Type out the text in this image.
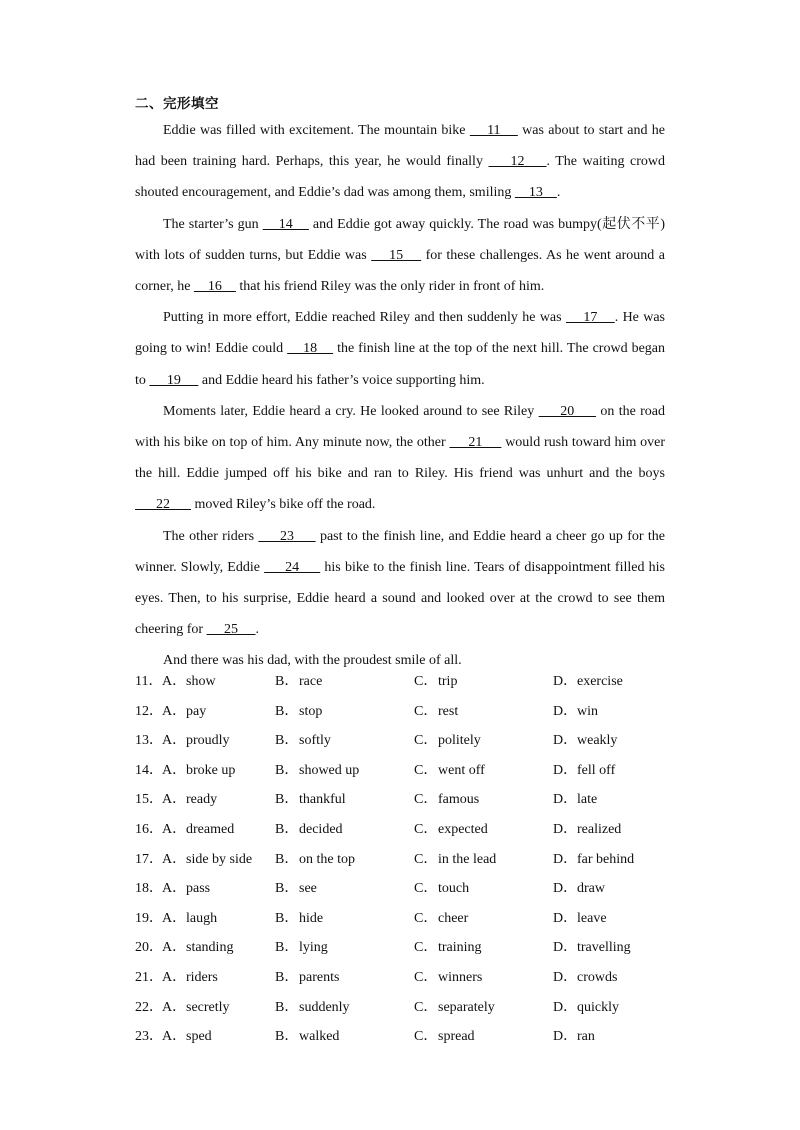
二、完形填空

Eddie was filled with excitement. The mountain bike     11     was about to start and he had been training hard. Perhaps, this year, he would finally     12    . The waiting crowd shouted encouragement, and Eddie’s dad was among them, smiling     13    .

The starter’s gun     14     and Eddie got away quickly. The road was bumpy(起伏不平) with lots of sudden turns, but Eddie was     15     for these challenges. As he went around a corner, he     16     that his friend Riley was the only rider in front of him.

Putting in more effort, Eddie reached Riley and then suddenly he was     17    . He was going to win! Eddie could     18     the finish line at the top of the next hill. The crowd began to      19      and Eddie heard his father’s voice supporting him.

Moments later, Eddie heard a cry. He looked around to see Riley      20      on the road with his bike on top of him. Any minute now, the other      21      would rush toward him over the hill. Eddie jumped off his bike and ran to Riley. His friend was unhurt and the boys       22       moved Riley’s bike off the road.

The other riders      23      past to the finish line, and Eddie heard a cheer go up for the winner. Slowly, Eddie      24      his bike to the finish line. Tears of disappointment filled his eyes. Then, to his surprise, Eddie heard a sound and looked over at the crowd to see them cheering for      25     .

And there was his dad, with the proudest smile of all.

11． A．show	B．race	C．trip	D．exercise
12． A．pay	B．stop	C．rest	D．win
13． A．proudly	B．softly	C．politely	D．weakly
14． A．broke up	B．showed up	C．went off	D．fell off
15． A．ready	B．thankful	C．famous	D．late
16． A．dreamed	B．decided	C．expected	D．realized
17． A．side by side B．on the top	C．in the lead	D．far behind
18． A．pass	B．see	C．touch	D．draw
19． A．laugh	B．hide	C．cheer	D．leave
20． A．standing	B．lying	C．training	D．travelling
21． A．riders	B．parents	C．winners	D．crowds
22． A．secretly	B．suddenly	C．separately	D．quickly
23． A．sped	B．walked	C．spread	D．ran
